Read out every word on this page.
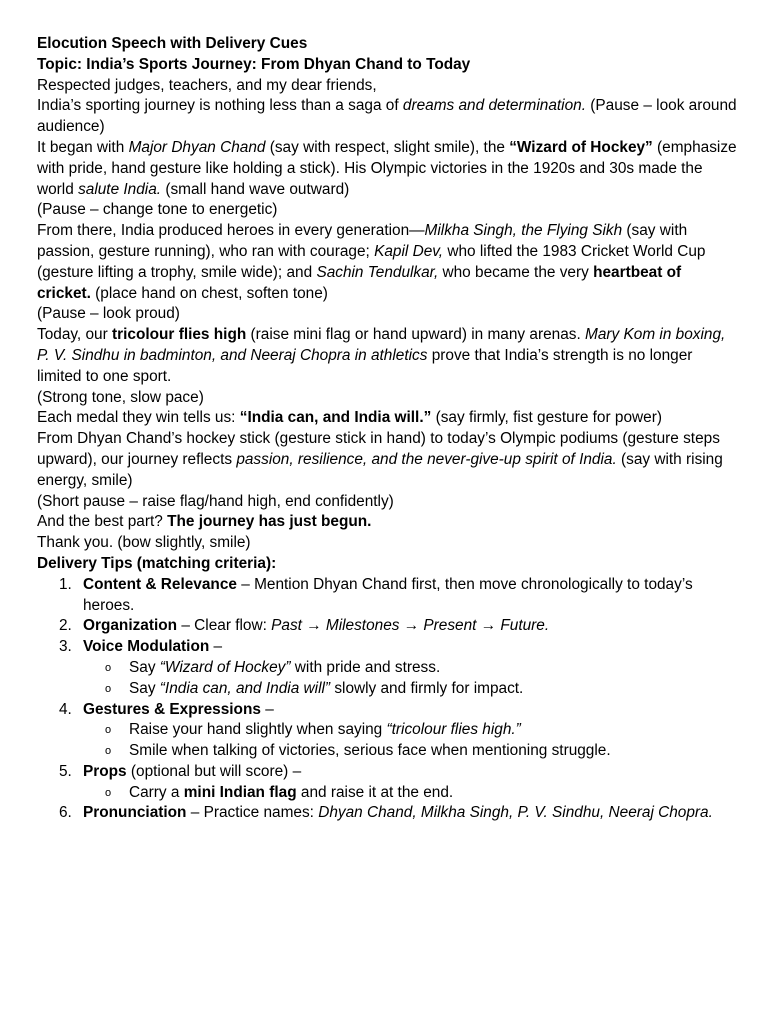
Elocution Speech with Delivery Cues
Topic: India’s Sports Journey: From Dhyan Chand to Today
Respected judges, teachers, and my dear friends,
India’s sporting journey is nothing less than a saga of dreams and determination. (Pause – look around audience)
It began with Major Dhyan Chand (say with respect, slight smile), the “Wizard of Hockey” (emphasize with pride, hand gesture like holding a stick). His Olympic victories in the 1920s and 30s made the world salute India. (small hand wave outward)
(Pause – change tone to energetic)
From there, India produced heroes in every generation—Milkha Singh, the Flying Sikh (say with passion, gesture running), who ran with courage; Kapil Dev, who lifted the 1983 Cricket World Cup (gesture lifting a trophy, smile wide); and Sachin Tendulkar, who became the very heartbeat of cricket. (place hand on chest, soften tone)
(Pause – look proud)
Today, our tricolour flies high (raise mini flag or hand upward) in many arenas. Mary Kom in boxing, P. V. Sindhu in badminton, and Neeraj Chopra in athletics prove that India’s strength is no longer limited to one sport.
(Strong tone, slow pace)
Each medal they win tells us: “India can, and India will.” (say firmly, fist gesture for power)
From Dhyan Chand’s hockey stick (gesture stick in hand) to today’s Olympic podiums (gesture steps upward), our journey reflects passion, resilience, and the never-give-up spirit of India. (say with rising energy, smile)
(Short pause – raise flag/hand high, end confidently)
And the best part? The journey has just begun.
Thank you. (bow slightly, smile)
Delivery Tips (matching criteria):
1. Content & Relevance – Mention Dhyan Chand first, then move chronologically to today’s heroes.
2. Organization – Clear flow: Past → Milestones → Present → Future.
3. Voice Modulation –
o Say “Wizard of Hockey” with pride and stress.
o Say “India can, and India will” slowly and firmly for impact.
4. Gestures & Expressions –
o Raise your hand slightly when saying “tricolour flies high.”
o Smile when talking of victories, serious face when mentioning struggle.
5. Props (optional but will score) –
o Carry a mini Indian flag and raise it at the end.
6. Pronunciation – Practice names: Dhyan Chand, Milkha Singh, P. V. Sindhu, Neeraj Chopra.
